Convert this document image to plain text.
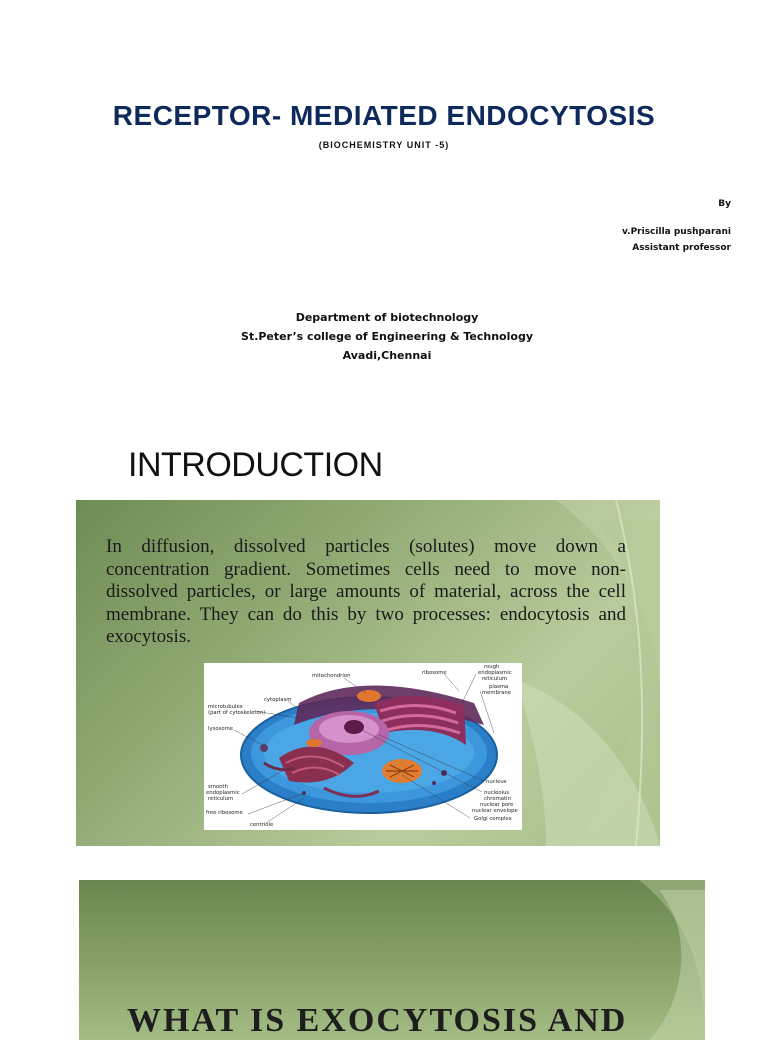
RECEPTOR- MEDIATED ENDOCYTOSIS
(BIOCHEMISTRY UNIT -5)
By
v.Priscilla pushparani
Assistant professor
Department of biotechnology
St.Peter’s college of Engineering & Technology
Avadi,Chennai
INTRODUCTION

In diffusion, dissolved particles (solutes) move down a concentration gradient. Sometimes cells need to move non-dissolved particles, or large amounts of material, across the cell membrane. They can do this by two processes: endocytosis and exocytosis.

mitochondrion	ribosome
rough
endoplasmic
reticulum
plasma
membrane
cytoplasm
microtubules
(part of cytoskeleton)
lysosome
smooth
endoplasmic
reticulum
free ribosome
centriole
nucleus
nucleolus
chromatin
nuclear pore
nuclear envelope
Golgi complex
WHAT IS EXOCYTOSIS AND
